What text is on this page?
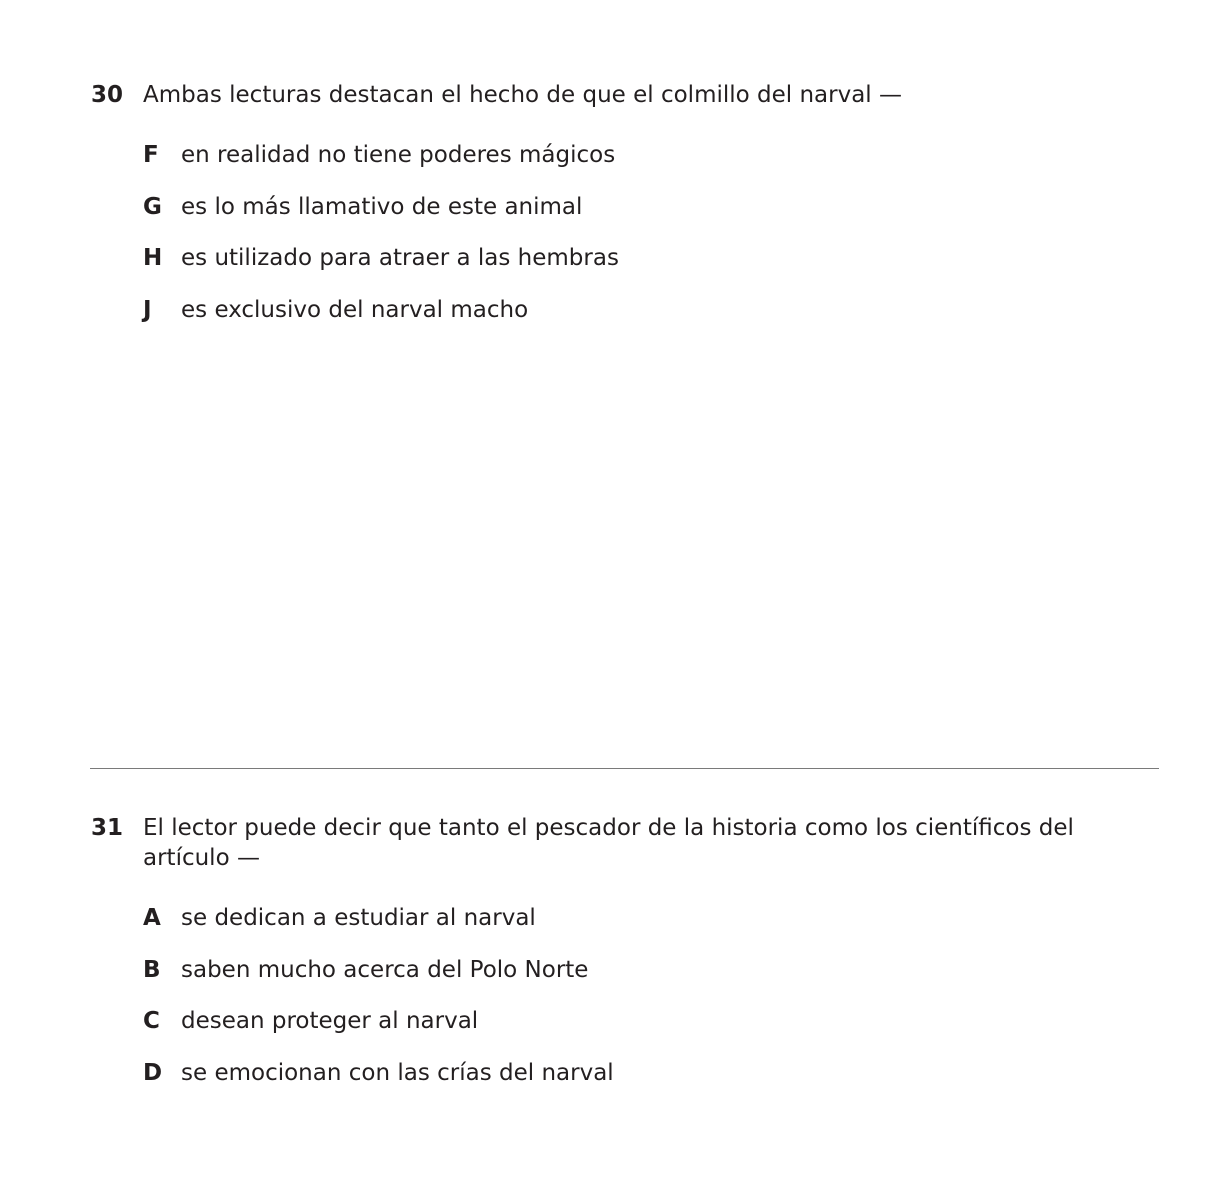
30 Ambas lecturas destacan el hecho de que el colmillo del narval —
F en realidad no tiene poderes mágicos
G es lo más llamativo de este animal
H es utilizado para atraer a las hembras
J	es exclusivo del narval macho
31 El lector puede decir que tanto el pescador de la historia como los científicos del artículo —
A se dedican a estudiar al narval
B saben mucho acerca del Polo Norte
C desean proteger al narval
D se emocionan con las crías del narval
